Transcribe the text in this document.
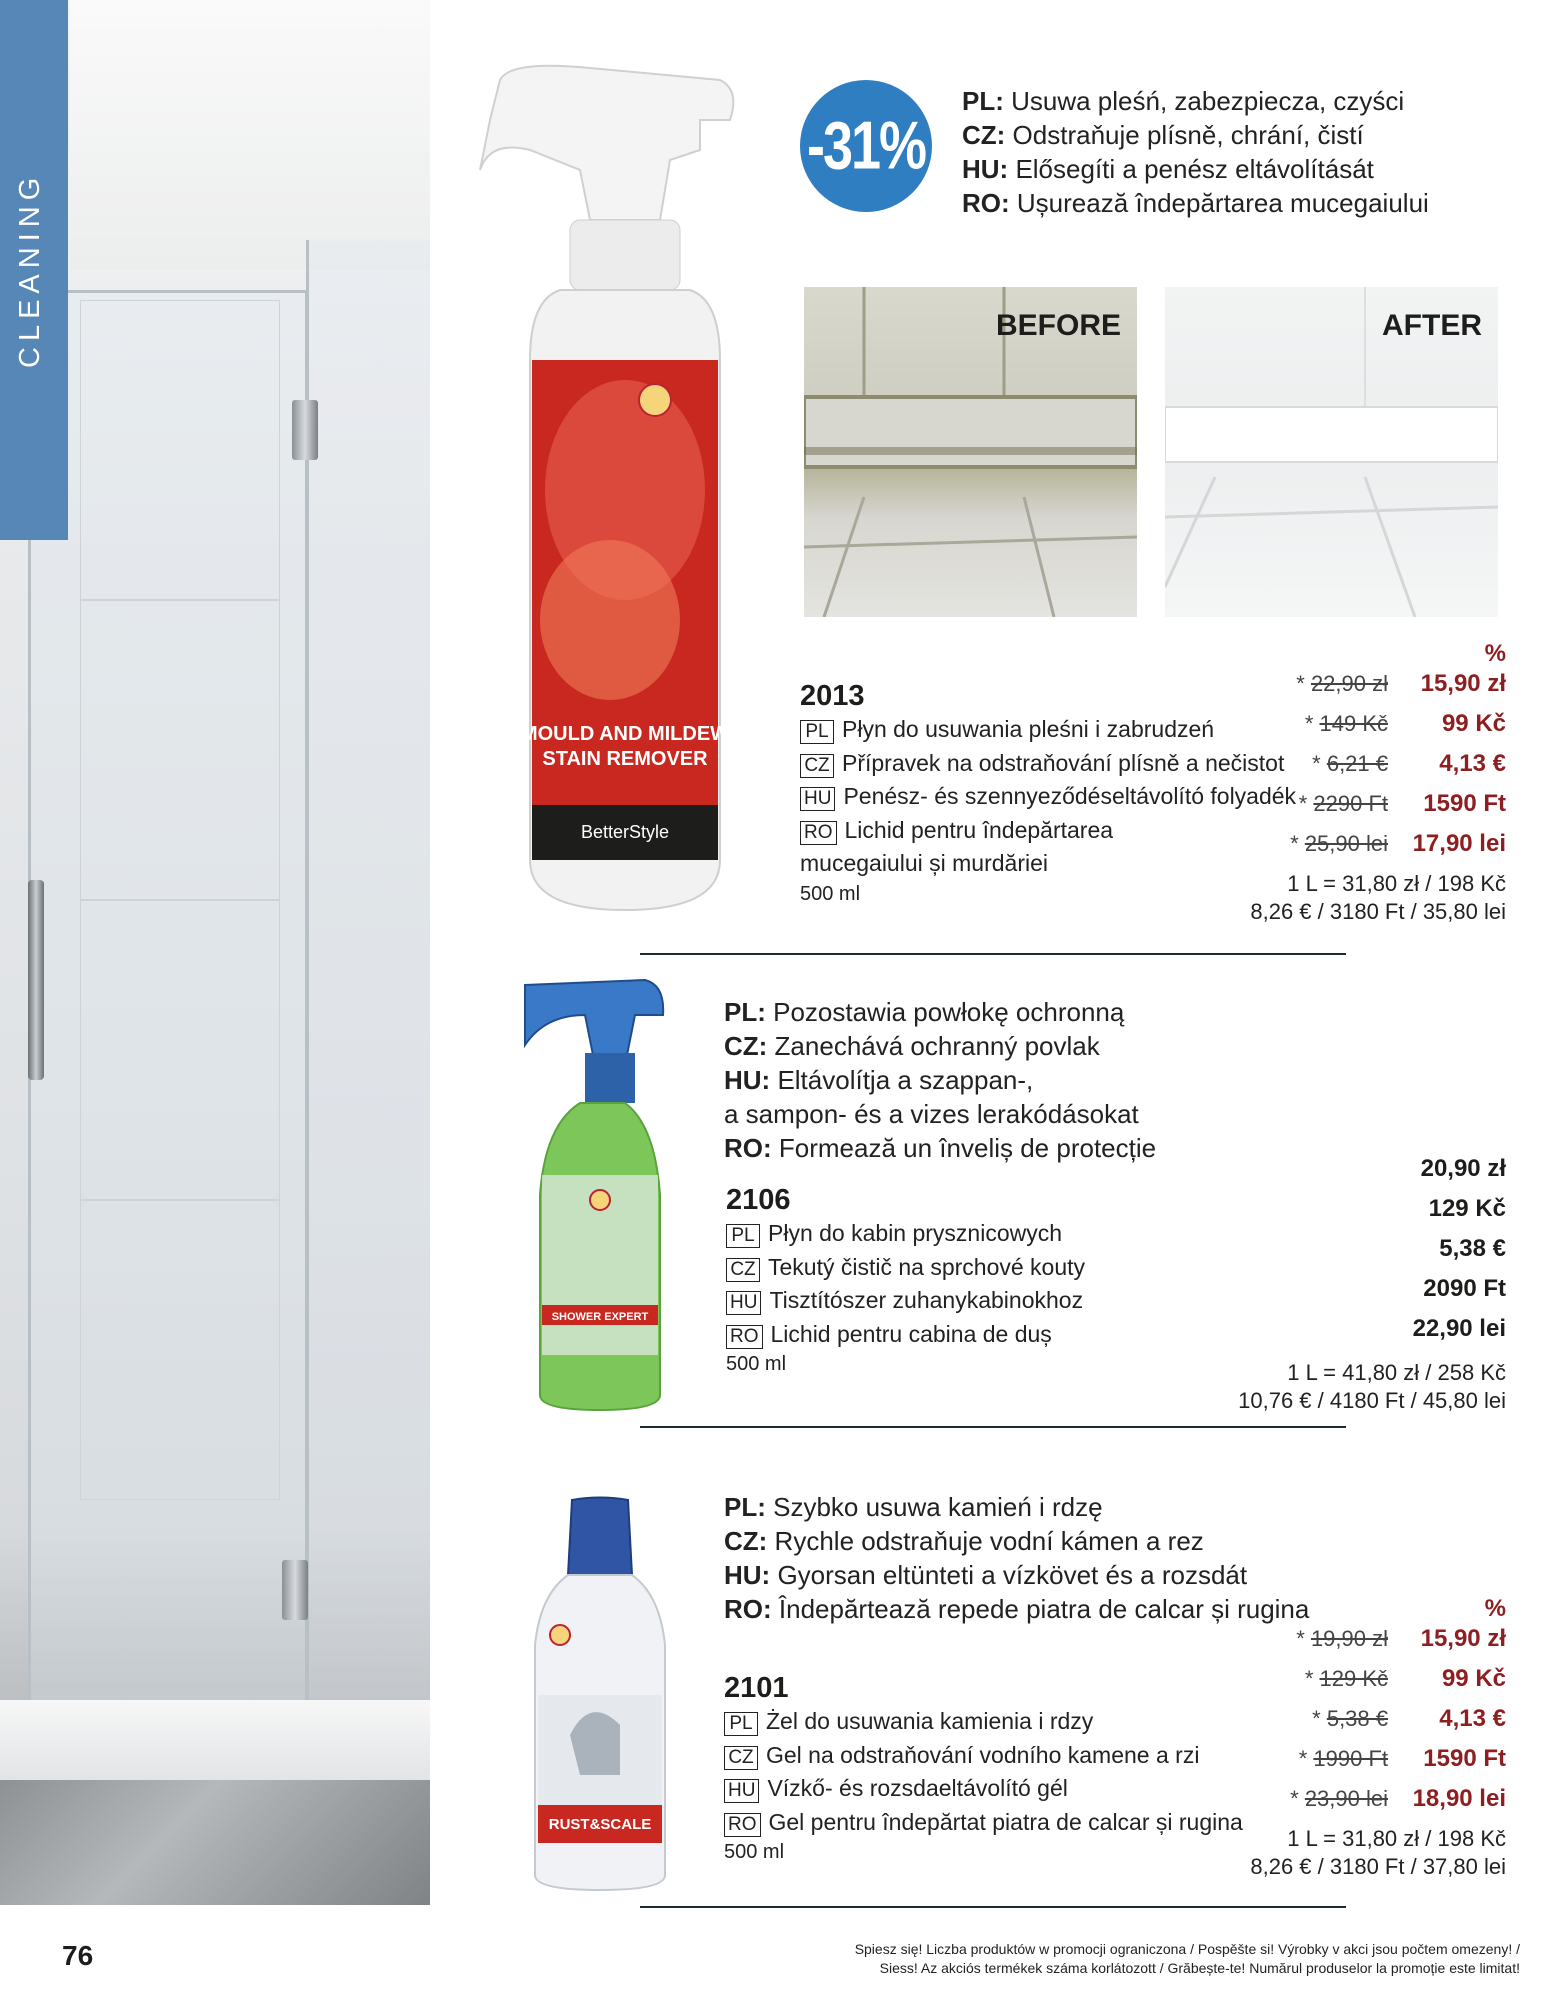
CLEANING
MOULD AND MILDEW
STAIN REMOVER
BetterStyle
-31%
PL: Usuwa pleśń, zabezpiecza, czyści
CZ: Odstraňuje plísně, chrání, čistí
HU: Elősegíti a penész eltávolítását
RO: Ușurează îndepărtarea mucegaiului
BEFORE	AFTER
2013
PL Płyn do usuwania pleśni i zabrudzeń
CZ Přípravek na odstraňování plísně a nečistot
HU Penész- és szennyeződéseltávolító folyadék
RO Lichid pentru îndepărtarea
mucegaiului și murdăriei
500 ml
%
* 22,90 zł	15,90 zł
* 149 Kč	99 Kč
* 6,21 €	4,13 €
* 2290 Ft	1590 Ft
* 25,90 lei 17,90 lei
1 L = 31,80 zł / 198 Kč
8,26 € / 3180 Ft / 35,80 lei
SHOWER EXPERT
PL: Pozostawia powłokę ochronną
CZ: Zanechává ochranný povlak
HU: Eltávolítja a szappan-,
a sampon- és a vizes lerakódásokat
RO: Formează un înveliș de protecție
2106
PL Płyn do kabin prysznicowych
CZ Tekutý čistič na sprchové kouty
HU Tisztítószer zuhanykabinokhoz
RO Lichid pentru cabina de duș
500 ml
20,90 zł
129 Kč
5,38 €
2090 Ft
22,90 lei
1 L = 41,80 zł / 258 Kč
10,76 € / 4180 Ft / 45,80 lei
RUST&SCALE
PL: Szybko usuwa kamień i rdzę
CZ: Rychle odstraňuje vodní kámen a rez
HU: Gyorsan eltünteti a vízkövet és a rozsdát
RO: Îndepărtează repede piatra de calcar și rugina
2101
PL Żel do usuwania kamienia i rdzy
CZ Gel na odstraňování vodního kamene a rzi
HU Vízkő- és rozsdaeltávolító gél
RO Gel pentru îndepărtat piatra de calcar și rugina
500 ml
%
* 19,90 zł	15,90 zł
* 129 Kč	99 Kč
* 5,38 €	4,13 €
* 1990 Ft	1590 Ft
* 23,90 lei 18,90 lei
1 L = 31,80 zł / 198 Kč
8,26 € / 3180 Ft / 37,80 lei
76	Spiesz się! Liczba produktów w promocji ograniczona / Pospěšte si! Výrobky v akci jsou počtem omezeny! /
Siess! Az akciós termékek száma korlátozott / Grăbește-te! Numărul produselor la promoție este limitat!
